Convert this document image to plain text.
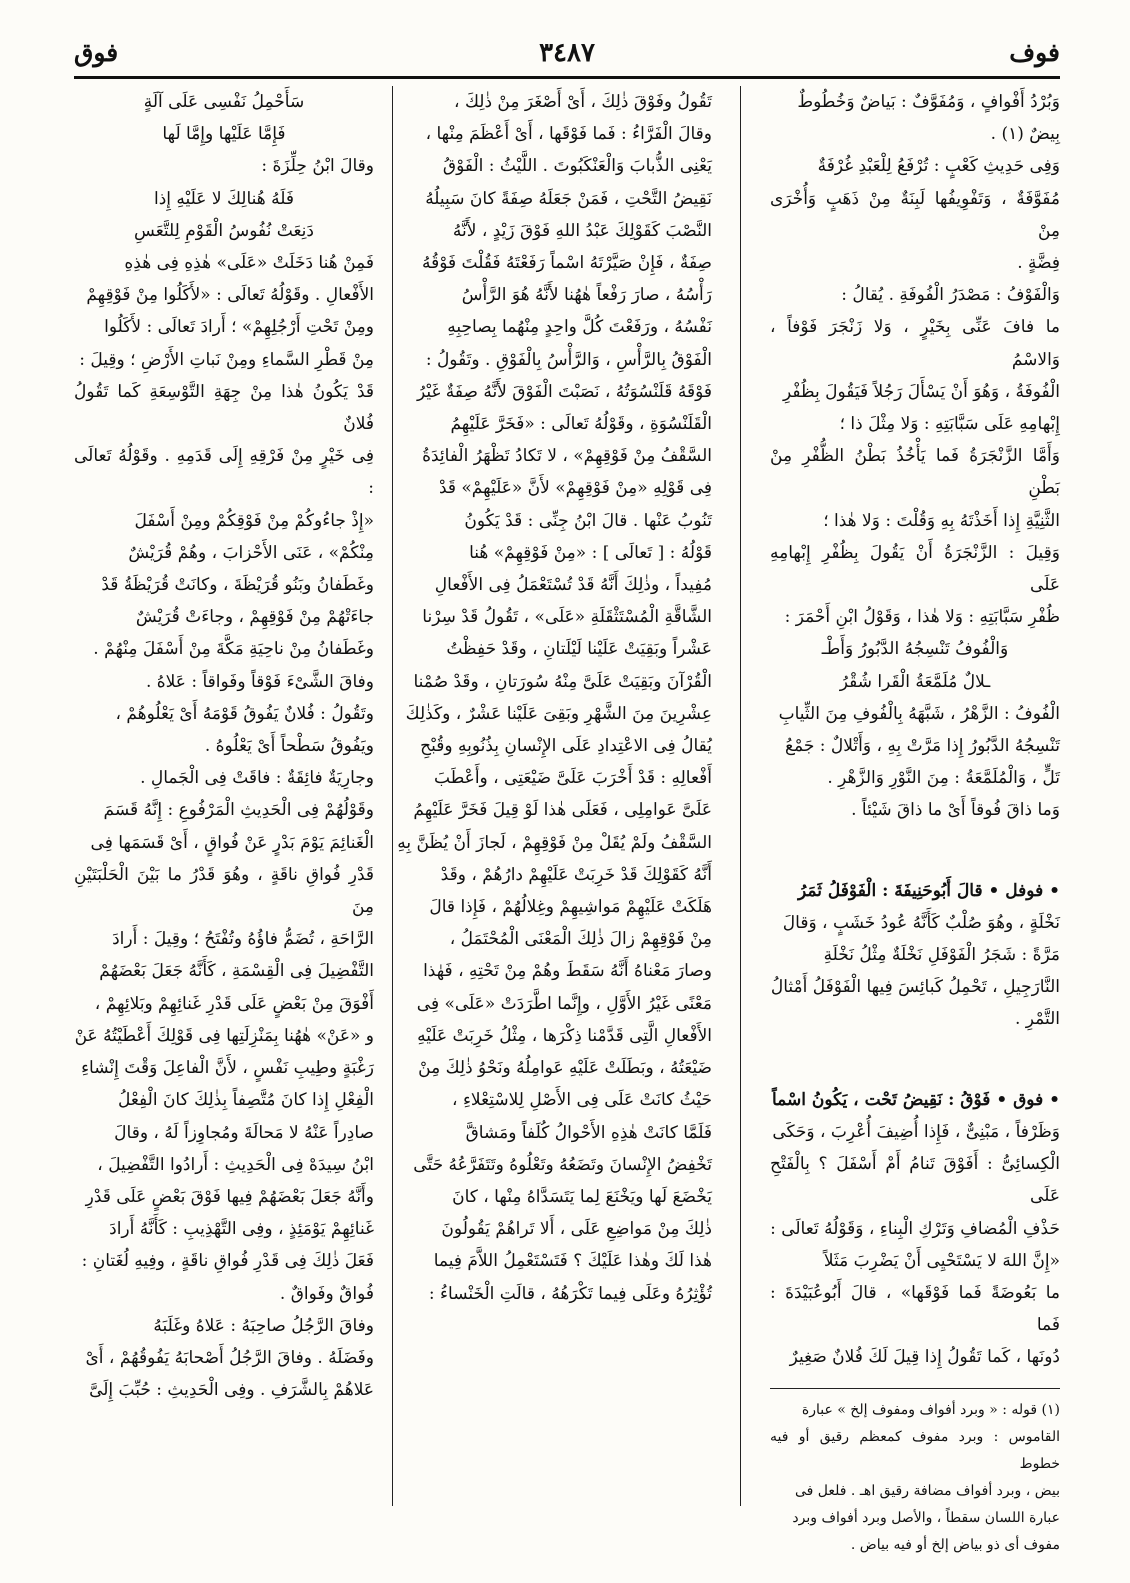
فوف
٣٤٨٧
فوق

وَبُرْدُ أَفْوافٍ ، وَمُفَوَّفٌ : بَياضٌ وَخُطُوطٌ

بِيضٌ (١) .

وَفِى حَدِيثِ كَعْبٍ : تُرْفَعُ لِلْعَبْدِ غُرْفَةٌ

مُفَوَّفَةٌ ، وَتَفْوِيفُها لَبِنَةٌ مِنْ ذَهَبٍ وَأُخْرَى مِنْ

فِضَّةٍ .

وَالْفَوْفُ : مَصْدَرُ الْفُوفَةِ . يُقالُ :

ما فافَ عَنِّى بِخَيْرٍ ، وَلا زَنْجَرَ فَوْفاً ، وَالاسْمُ

الْفُوفَةُ ، وَهُوَ أَنْ يَسْأَلَ رَجُلاً فَيَقُولَ بِظُفْرِ

إِبْهامِهِ عَلَى سَبَّابَتِهِ : وَلا مِثْلَ ذا ؛

وَأَمَّا الزَّنْجَرَةُ فَما يَأْخُذُ بَطْنُ الظُّفْرِ مِنْ بَطْنِ

الثَّنِيَّةِ إِذا أَخَذْتَهُ بِهِ وَقُلْتَ : وَلا هٰذا ؛

وَقِيلَ : الزَّنْجَرَةُ أَنْ يَقُولَ بِظُفْرِ إِبْهامِهِ عَلَى

ظُفْرِ سَبَّابَتِهِ : وَلا هٰذا ، وَقَوْلُ ابْنِ أَحْمَرَ :

وَالْفُوفُ تَنْسِجُهُ الدَّبُورُ وَأَطْـ

ـلالٌ مُلَمَّعَةُ الْقَرا شُقْرُ

الْفُوفُ : الزَّهْرُ ، شَبَّهَهُ بِالْفُوفِ مِنَ الثِّيابِ

تَنْسِجُهُ الدَّبُورُ إِذا مَرَّتْ بِهِ ، وَأَتْلالٌ : جَمْعُ

تَلٍّ ، وَالْمُلَمَّعَةُ : مِنَ النَّوْرِ وَالزَّهْرِ .

وَما ذاقَ فُوقاً أَىْ ما ذاقَ شَيْئاً .

• فوفل • قالَ أَبُوحَنِيفَةَ : الْفَوْفَلُ ثَمَرُ

نَخْلَةٍ ، وهُوَ صُلْبٌ كَأَنَّهُ عُودُ خَشَبٍ ، وَقالَ

مَرَّةً : شَجَرُ الْفَوْفَلِ نَخْلَةٌ مِثْلُ نَخْلَةِ

النَّارَجِيلِ ، تَحْمِلُ كَبائِسَ فِيها الْفَوْفَلُ أَمْثالُ

التَّمْرِ .

• فوق • فَوْقُ : نَقِيضُ تَحْت ، يَكُونُ اسْماً

وَظَرْفاً ، مَبْنِىٌّ ، فَإِذا أُضِيفَ أُعْرِبَ ، وَحَكَى

الْكِسائِىُّ : أَفَوْقَ تَنامُ أَمْ أَسْفَلَ ؟ بِالْفَتْحِ عَلَى

حَذْفِ الْمُضافِ وَتَرْكِ الْبِناءِ ، وَقَوْلُهُ تَعالَى :

«إِنَّ اللهَ لا يَسْتَحْيِى أَنْ يَضْرِبَ مَثَلاً

ما بَعُوضَةً فَما فَوْقَها» ، قالَ أَبُوعُبَيْدَةَ : فَما

دُونَها ، كَما تَقُولُ إِذا قِيلَ لَكَ فُلانٌ صَغِيرٌ

(١) قوله : « وبرد أفواف ومفوف إلخ » عبارة

القاموس : وبرد مفوف كمعظم رقيق أو فيه خطوط

بيض ، وبرد أفواف مضافة رقيق اهـ . فلعل فى

عبارة اللسان سقطاً ، والأصل وبرد أفواف وبرد

مفوف أى ذو بياض إلخ أو فيه بياض .

تَقُولُ وفَوْقَ ذٰلِكَ ، أَىْ أَصْغَرَ مِنْ ذٰلِكَ ،

وقالَ الْفَرَّاءُ : فَما فَوْقَها ، أَىْ أَعْظَمَ مِنْها ،

يَعْنِى الذُّبابَ وَالْعَنْكَبُوتَ . اللَّيْثُ : الْفَوْقُ

نَقِيضُ التَّحْتِ ، فَمَنْ جَعَلَهُ صِفَةً كانَ سَبِيلُهُ

النَّصْبَ كَقَوْلِكَ عَبْدُ اللهِ فَوْقَ زَيْدٍ ، لأَنَّهُ

صِفَةٌ ، فَإِنْ صَيَّرْتَهُ اسْماً رَفَعْتَهُ فَقُلْتَ فَوْقُهُ

رَأْسُهُ ، صارَ رَفْعاً هٰهُنا لأَنَّهُ هُوَ الرَّأْسُ

نَفْسُهُ ، ورَفَعْتَ كُلَّ واحِدٍ مِنْهُما بِصاحِبِهِ

الْفَوْقُ بِالرَّأْسِ ، وَالرَّأْسُ بِالْفَوْقِ . وتَقُولُ :

فَوْقَهُ قَلَنْسُوَتُهُ ، نَصَبْتَ الْفَوْقَ لأَنَّهُ صِفَةٌ غَيْرُ

الْقَلَنْسُوَةِ ، وقَوْلُهُ تَعالَى : «فَخَرَّ عَلَيْهِمُ

السَّقْفُ مِنْ فَوْقِهِمْ» ، لا تَكادُ تَظْهَرُ الْفائِدَةُ

فِى قَوْلِهِ «مِنْ فَوْقِهِمْ» لأَنَّ «عَلَيْهِمْ» قَدْ

تَنُوبُ عَنْها . قالَ ابْنُ جِنِّى : قَدْ يَكُونُ

قَوْلُهُ : [ تَعالَى ] : «مِنْ فَوْقِهِمْ» هُنا

مُفِيداً ، وذٰلِكَ أَنَّهُ قَدْ تُسْتَعْمَلُ فِى الأَفْعالِ

الشَّاقَّةِ الْمُسْتَثْقَلَةِ «عَلَى» ، تَقُولُ قَدْ سِرْنا

عَشْراً وبَقِيَتْ عَلَيْنا لَيْلَتانِ ، وقَدْ حَفِظْتُ

الْقُرْآنَ وبَقِيَتْ عَلَىَّ مِنْهُ سُورَتانِ ، وقَدْ صُمْنا

عِشْرِينَ مِنَ الشَّهْرِ وبَقِىَ عَلَيْنا عَشْرٌ ، وكَذٰلِكَ

يُقالُ فِى الاعْتِدادِ عَلَى الإِنْسانِ بِذُنُوبِهِ وقُبْحِ

أَفْعالِهِ : قَدْ أَخْرَبَ عَلَىَّ ضَيْعَتِى ، وأَعْطَبَ

عَلَىَّ عَوامِلِى ، فَعَلَى هٰذا لَوْ قِيلَ فَخَرَّ عَلَيْهِمُ

السَّقْفُ ولَمْ يُقَلْ مِنْ فَوْقِهِمْ ، لَجازَ أَنْ يُظَنَّ بِهِ

أَنَّهُ كَقَوْلِكَ قَدْ خَرِبَتْ عَلَيْهِمْ دارُهُمْ ، وقَدْ

هَلَكَتْ عَلَيْهِمْ مَواشِيهِمْ وغِلالُهُمْ ، فَإِذا قالَ

مِنْ فَوْقِهِمْ زالَ ذٰلِكَ الْمَعْنَى الْمُحْتَمَلُ ،

وصارَ مَعْناهُ أَنَّهُ سَقَطَ وهُمْ مِنْ تَحْتِهِ ، فَهٰذا

مَعْنًى غَيْرُ الأَوَّلِ ، وإِنَّما اطَّرَدَتْ «عَلَى» فِى

الأَفْعالِ الَّتِى قَدَّمْنا ذِكْرَها ، مِثْلُ خَرِبَتْ عَلَيْهِ

ضَيْعَتُهُ ، وبَطَلَتْ عَلَيْهِ عَوامِلُهُ ونَحْوُ ذٰلِكَ مِنْ

حَيْثُ كانَتْ عَلَى فِى الأَصْلِ لِلاسْتِعْلاءِ ،

فَلَمَّا كانَتْ هٰذِهِ الأَحْوالُ كُلَفاً ومَشاقَّ

تَخْفِضُ الإِنْسانَ وتَضَعُهُ وتَعْلُوهُ وتَتَفَرَّعُهُ حَتَّى

يَخْضَعَ لَها ويَخْنَعَ لِما يَتَسَدَّاهُ مِنْها ، كانَ

ذٰلِكَ مِنْ مَواضِعِ عَلَى ، أَلا تَراهُمْ يَقُولُونَ

هٰذا لَكَ وهٰذا عَلَيْكَ ؟ فَتَسْتَعْمِلُ اللاَّمَ فِيما

تُؤْثِرُهُ وعَلَى فِيما تَكْرَهُهُ ، قالَتِ الْخَنْساءُ :

سَأَحْمِلُ نَفْسِى عَلَى آلَةٍ

فَإِمَّا عَلَيْها وإِمَّا لَها

وقالَ ابْنُ حِلِّزَةَ :

فَلَهُ هُنالِكَ لا عَلَيْهِ إِذا

دَنِعَتْ نُفُوسُ الْقَوْمِ لِلتَّعَسِ

فَمِنْ هُنا دَخَلَتْ «عَلَى» هٰذِهِ فِى هٰذِهِ

الأَفْعالِ . وقَوْلُهُ تَعالَى : «لأَكَلُوا مِنْ فَوْقِهِمْ

ومِنْ تَحْتِ أَرْجُلِهِمْ» ؛ أَرادَ تَعالَى : لأَكَلُوا

مِنْ قَطْرِ السَّماءِ ومِنْ نَباتِ الأَرْضِ ؛ وقِيلَ :

قَدْ يَكُونُ هٰذا مِنْ جِهَةِ التَّوْسِعَةِ كَما تَقُولُ فُلانٌ

فِى خَيْرٍ مِنْ فَرْقِهِ إِلَى قَدَمِهِ . وقَوْلُهُ تَعالَى :

«إِذْ جاءُوكُمْ مِنْ فَوْقِكُمْ ومِنْ أَسْفَلَ

مِنْكُمْ» ، عَنَى الأَحْزابَ ، وهُمْ قُرَيْشٌ

وغَطَفانُ وبَنُو قُرَيْظَةَ ، وكانَتْ قُرَيْظَةُ قَدْ

جاءَتْهُمْ مِنْ فَوْقِهِمْ ، وجاءَتْ قُرَيْشٌ

وغَطَفانُ مِنْ ناحِيَةِ مَكَّةَ مِنْ أَسْفَلَ مِنْهُمْ .

وفاقَ الشَّىْءَ فَوْقاً وفَواقاً : عَلاهُ .

وتَقُولُ : فُلانٌ يَفُوقُ قَوْمَهُ أَىْ يَعْلُوهُمْ ،

ويَفُوقُ سَطْحاً أَىْ يَعْلُوهُ .

وجارِيَةٌ فائِقَةٌ : فاقَتْ فِى الْجَمالِ .

وقَوْلُهُمْ فِى الْحَدِيثِ الْمَرْفُوعِ : إِنَّهُ قَسَمَ

الْغَنائِمَ يَوْمَ بَدْرٍ عَنْ فُواقٍ ، أَىْ قَسَمَها فِى

قَدْرِ فُواقِ ناقَةٍ ، وهُوَ قَدْرُ ما بَيْنَ الْحَلْبَتَيْنِ مِنَ

الرَّاحَةِ ، تُضَمُّ فاؤُهُ وتُفْتَحُ ؛ وقِيلَ : أَرادَ

التَّفْضِيلَ فِى الْقِسْمَةِ ، كَأَنَّهُ جَعَلَ بَعْضَهُمْ

أَفْوَقَ مِنْ بَعْضٍ عَلَى قَدْرِ غَنائِهِمْ وبَلائِهِمْ ،

و «عَنْ» هٰهُنا بِمَنْزِلَتِها فِى قَوْلِكَ أَعْطَيْتُهُ عَنْ

رَغْبَةٍ وطِيبِ نَفْسٍ ، لأَنَّ الْفاعِلَ وَقْتَ إِنْشاءِ

الْفِعْلِ إِذا كانَ مُتَّصِفاً بِذٰلِكَ كانَ الْفِعْلُ

صادِراً عَنْهُ لا مَحالَةَ ومُجاوِزاً لَهُ ، وقالَ

ابْنُ سِيدَهْ فِى الْحَدِيثِ : أَرادُوا التَّفْضِيلَ ،

وأَنَّهُ جَعَلَ بَعْضَهُمْ فِيها فَوْقَ بَعْضٍ عَلَى قَدْرِ

غَنائِهِمْ يَوْمَئِذٍ ، وفِى التَّهْذِيبِ : كَأَنَّهُ أَرادَ

فَعَلَ ذٰلِكَ فِى قَدْرِ فُواقِ ناقَةٍ ، وفِيهِ لُغَتانِ :

فُواقٌ وفَواقٌ .

وفاقَ الرَّجُلُ صاحِبَهُ : عَلاهُ وغَلَبَهُ

وفَضَلَهُ . وفاقَ الرَّجُلُ أَصْحابَهُ يَفُوقُهُمْ ، أَىْ

عَلاهُمْ بِالشَّرَفِ . وفِى الْحَدِيثِ : حُبِّبَ إِلَىَّ
